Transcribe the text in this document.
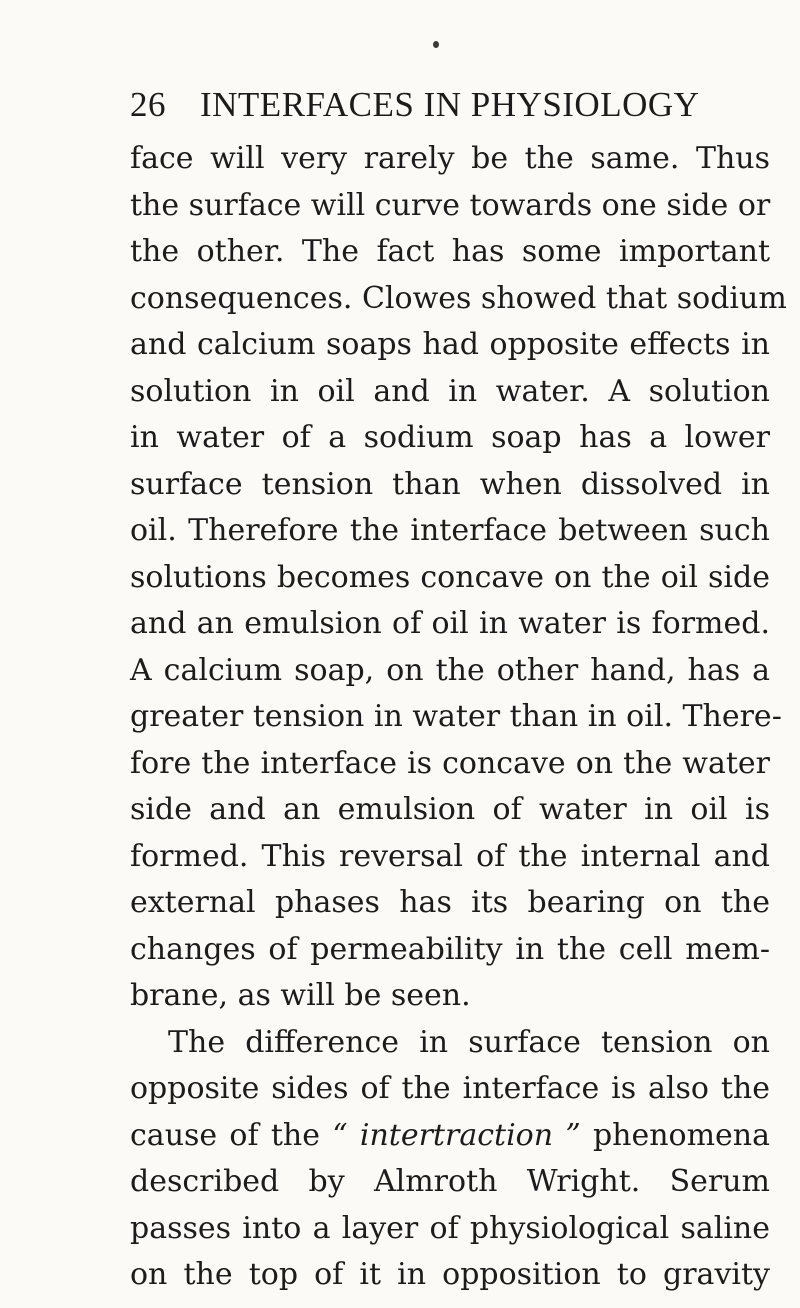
26 INTERFACES IN PHYSIOLOGY
face will very rarely be the same. Thus
the surface will curve towards one side or
the other. The fact has some important
consequences. Clowes showed that sodium
and calcium soaps had opposite effects in
solution in oil and in water. A solution
in water of a sodium soap has a lower
surface tension than when dissolved in
oil. Therefore the interface between such
solutions becomes concave on the oil side
and an emulsion of oil in water is formed.
A calcium soap, on the other hand, has a
greater tension in water than in oil. There-
fore the interface is concave on the water
side and an emulsion of water in oil is
formed. This reversal of the internal and
external phases has its bearing on the
changes of permeability in the cell mem-
brane, as will be seen.
The difference in surface tension on
opposite sides of the interface is also the
cause of the “ intertraction ” phenomena
described by Almroth Wright. Serum
passes into a layer of physiological saline
on the top of it in opposition to gravity
